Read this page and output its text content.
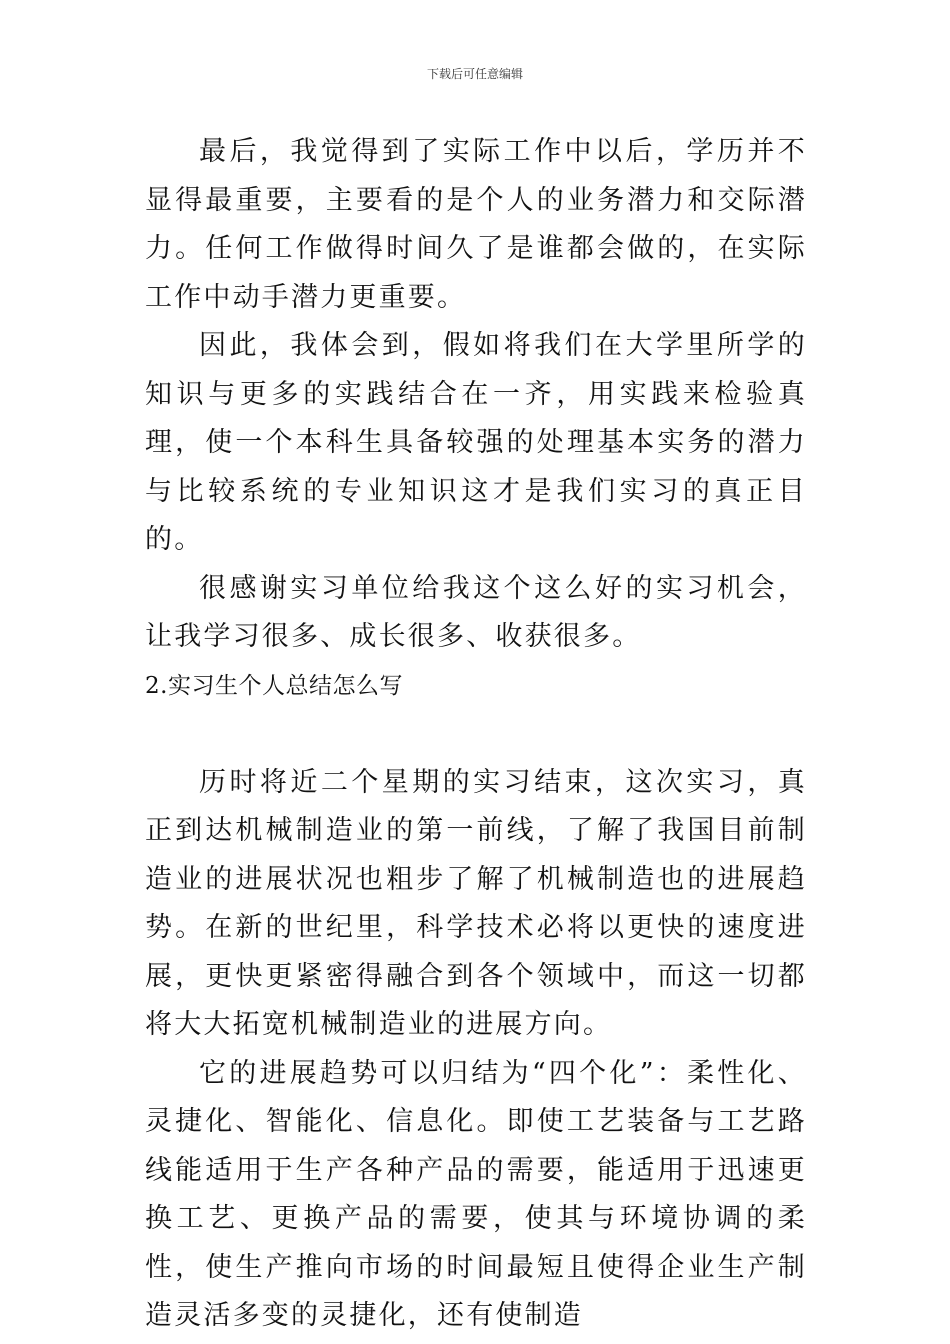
下载后可任意编辑

最后，我觉得到了实际工作中以后，学历并不显得最重要，主要看的是个人的业务潜力和交际潜力。任何工作做得时间久了是谁都会做的，在实际工作中动手潜力更重要。

因此，我体会到，假如将我们在大学里所学的知识与更多的实践结合在一齐，用实践来检验真理，使一个本科生具备较强的处理基本实务的潜力与比较系统的专业知识这才是我们实习的真正目的。

很感谢实习单位给我这个这么好的实习机会，让我学习很多、成长很多、收获很多。

2.实习生个人总结怎么写

历时将近二个星期的实习结束，这次实习，真正到达机械制造业的第一前线，了解了我国目前制造业的进展状况也粗步了解了机械制造也的进展趋势。在新的世纪里，科学技术必将以更快的速度进展，更快更紧密得融合到各个领域中，而这一切都将大大拓宽机械制造业的进展方向。

它的进展趋势可以归结为“四个化”：柔性化、灵捷化、智能化、信息化。即使工艺装备与工艺路线能适用于生产各种产品的需要，能适用于迅速更换工艺、更换产品的需要，使其与环境协调的柔性，使生产推向市场的时间最短且使得企业生产制造灵活多变的灵捷化，还有使制造
